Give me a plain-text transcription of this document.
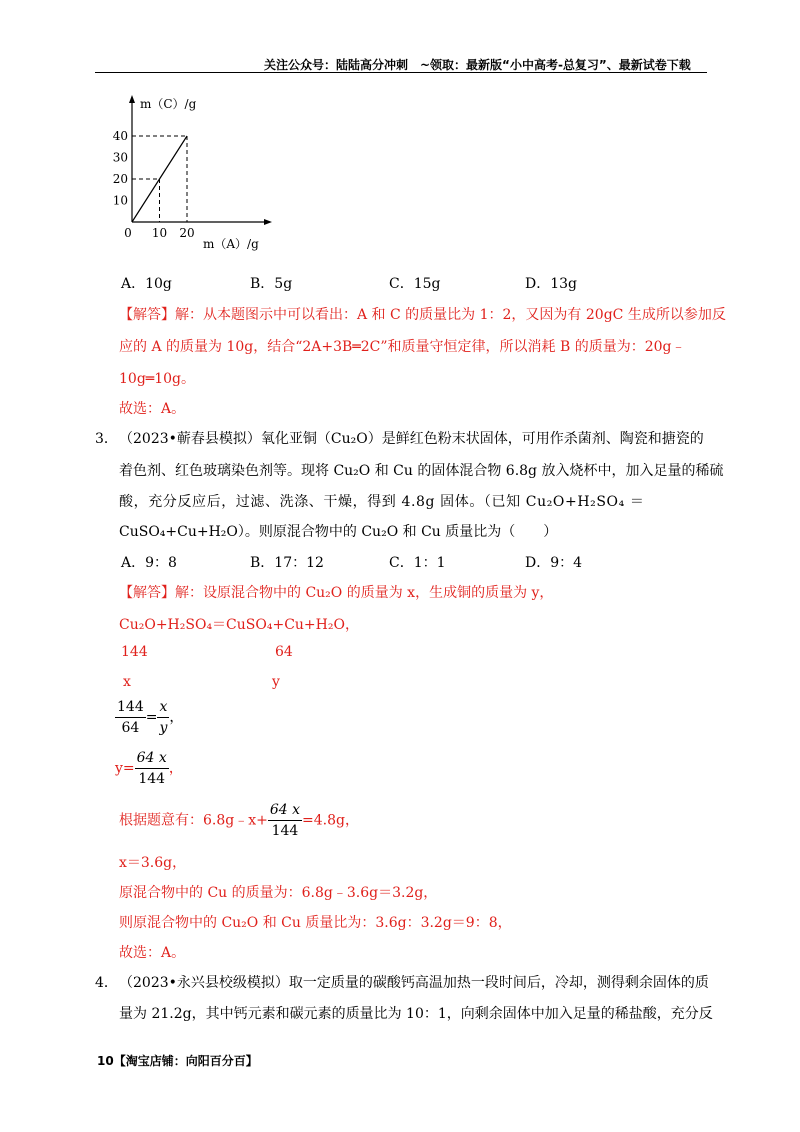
关注公众号：陆陆高分冲刺　~领取：最新版“小中高考-总复习”、最新试卷下载
10
20
30
40
0 10 20
m（C）/g
m（A）/g
A．10g	B．5g	C．15g	D．13g
【解答】解：从本题图示中可以看出：A 和 C 的质量比为 1：2，又因为有 20gC 生成所以参加反
应的 A 的质量为 10g，结合“2A+3B═2C”和质量守恒定律，所以消耗 B 的质量为：20g﹣
10g═10g。
故选：A。
3． （2023•蕲春县模拟）氧化亚铜（Cu₂O）是鲜红色粉末状固体，可用作杀菌剂、陶瓷和搪瓷的
着色剂、红色玻璃染色剂等。现将 Cu₂O 和 Cu 的固体混合物 6.8g 放入烧杯中，加入足量的稀硫
酸，充分反应后，过滤、洗涤、干燥，得到 4.8g 固体。（已知 Cu₂O+H₂SO₄ ＝
CuSO₄+Cu+H₂O）。则原混合物中的 Cu₂O 和 Cu 质量比为（　　）
A．9：8	B．17：12	C．1：1	D．9：4
【解答】解：设原混合物中的 Cu₂O 的质量为 x，生成铜的质量为 y，
Cu₂O+H₂SO₄＝CuSO₄+Cu+H₂O，
144	64
x	y
$\frac{144}{64} = \frac{x}{y}$ ，
$y= \frac{64 x}{144}$ ，
根据题意有：6.8g﹣x+ $\frac{64 x}{144} =4.8g$，
x＝3.6g，
原混合物中的 Cu 的质量为：6.8g﹣3.6g＝3.2g，
则原混合物中的 Cu₂O 和 Cu 质量比为：3.6g：3.2g＝9：8，
故选：A。
4． （2023•永兴县校级模拟）取一定质量的碳酸钙高温加热一段时间后，冷却，测得剩余固体的质
量为 21.2g，其中钙元素和碳元素的质量比为 10：1，向剩余固体中加入足量的稀盐酸，充分反
10【淘宝店铺：向阳百分百】
